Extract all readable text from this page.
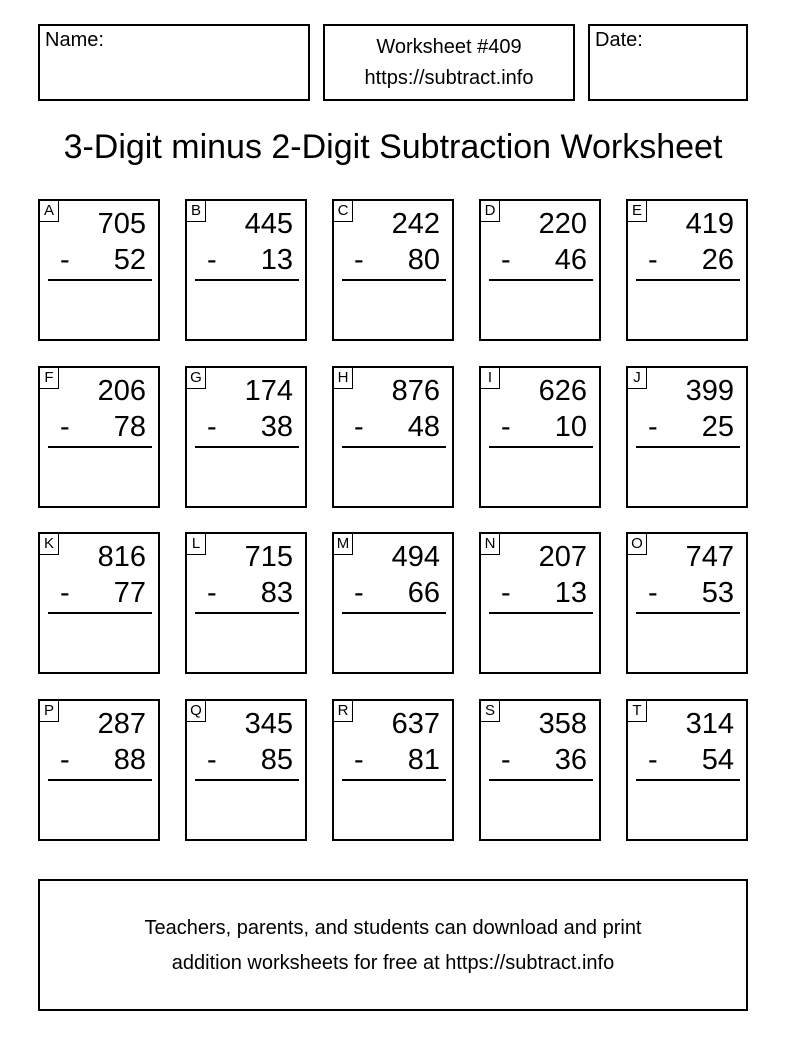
Name:	Worksheet #409
https://subtract.info
Date:
3-Digit minus 2-Digit Subtraction Worksheet
A 705
- 52
B 445
- 13
C 242
- 80
D 220
- 46
E 419
- 26
F 206
- 78
G 174
- 38
H 876
- 48
I 626
- 10
J 399
- 25
K 816
- 77
L 715
- 83
M 494
- 66
N 207
- 13
O 747
- 53
P 287
- 88
Q 345
- 85
R 637
- 81
S 358
- 36
T 314
- 54
Teachers, parents, and students can download and print
addition worksheets for free at https://subtract.info
